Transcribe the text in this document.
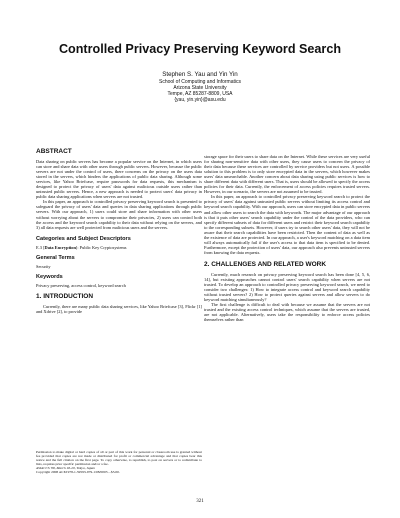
Controlled Privacy Preserving Keyword Search
Stephen S. Yau and Yin Yin
School of Computing and Informatics
Arizona State University
Tempe, AZ 85287-8809, USA
{yau, yin.yin}@asu.edu
ABSTRACT

Data sharing on public servers has become a popular service on the Internet, in which users can store and share data with other users through public servers. However, because the public servers are not under the control of users, there concerns on the privacy on the users data stored in the servers, which hinders the applications of public data sharing. Although some services, like Yahoo Briefcase, require passwords for data requests, this mechanism is designed to protect the privacy of users' data against malicious outside users rather than untrusted public servers. Hence, a new approach is needed to protect users' data privacy in public data sharing applications when servers are not trusted.

In this paper, an approach to controlled privacy preserving keyword search is presented to safeguard the privacy of users' data and queries in data sharing applications through public servers. With our approach, 1) users could store and share information with other users without worrying about the servers to compromise their privacies, 2) users can control both the access and the keyword search capability to their data without relying on the servers, and 3) all data requests are well protected from malicious users and the servers.

Categories and Subject Descriptors

E.3 [Data Encryption]: Public Key Cryptosystems

General Terms

Security

Keywords

Privacy preserving, access control, keyword search

1. INTRODUCTION

Currently, there are many public data sharing services, like Yahoo Briefcase [3], Flickr [1] and Xdrive [2], to provide

Permission to make digital or hard copies of all or part of this work for personal or classroom use is granted without fee provided that copies are not made or distributed for profit or commercial advantage and that copies bear this notice and the full citation on the first page. To copy otherwise, to republish, to post on servers or to redistribute to lists, requires prior specific permission and/or a fee.
ASIACCS '08, March 18-20, Tokyo, Japan
Copyright 2008 ACM 978-1-59593-979-1/08/0003 ...$5.00.

storage space for their users to share data on the Internet. While these services are very useful for sharing non-sensitive data with other users, they cause users to concern the privacy of their data because these services are controlled by service providers but not users. A possible solution to this problem is to only store encrypted data in the servers, which however makes users' data unsearchable. Another concern about data sharing using public services is how to share different data with different users. That is, users should be allowed to specify the access policies for their data. Currently, the enforcement of access policies requires trusted servers. However, in our scenario, the servers are not assumed to be trusted.

In this paper, an approach to controlled privacy preserving keyword search to protect the privacy of users' data against untrusted public servers without limiting its access control and keyword search capability. With our approach, users can store encrypted data in public servers and allow other users to search the data with keywords. The major advantage of our approach is that it puts other users' search capability under the control of the data providers, who can specify different subsets of data for different users and restrict their keyword search capability to the corresponding subsets. However, if users try to search other users' data, they will not be aware that their search capabilities have been restricted. Then the content of data as well as the existence of data are protected. In our approach, a user's keyword matching on a data item will always automatically fail if the user's access to that data item is specified to be denied. Furthermore, except the protection of users' data, our approach also prevents untrusted servers from knowing the data requests.

2. CHALLENGES AND RELATED WORK

Currently, much research on privacy preserving keyword search has been done [4, 5, 6, 14], but existing approaches cannot control users' search capability when servers are not trusted. To develop an approach to controlled privacy preserving keyword search, we need to consider two challenges: 1) How to integrate access control and keyword search capability without trusted servers? 2) How to protect queries against servers and allow servers to do keyword matching simultaneously?

The first challenge is difficult to deal with because we assume that the servers are not trusted and the existing access control techniques, which assume that the servers are trusted, are not applicable. Alternatively, users take the responsibility to enforce access policies themselves rather than

321
